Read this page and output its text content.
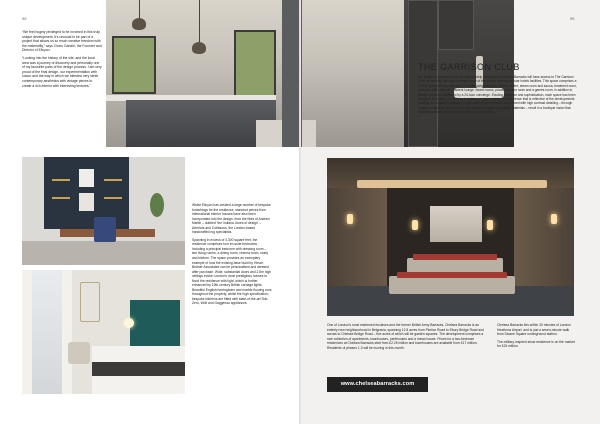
96

“We feel hugely privileged to be involved in this truly unique development, it’s unusual to be part of a project that allows us so much creative freedom with the materiality,” says Charu Gandhi, the Founder and Director of Elicyon.

“Looking into the history of the site, and the local area was a journey of discovery and personally one of my favourite parts of the design process. I am very proud of the final design, our experimentation with colour and the way in which we blended very sleek contemporary aesthetics with vintage pieces to create a rich interior with interesting textures.”

Whilst Elicyon has created a large number of bespoke furnishings for the residence, standout pieces from international interior houses have also been incorporated into the design, from the likes of Andrew Martin – dubbed ‘the Indiana Jones of design’ – Arteriors and Cobbsons, the London-based handcrafted rug specialists.

Spanning in excess of 4,300 square feet, the residence comprises four en-suite bedrooms - including a principal bedroom with dressing room – two living rooms, a dining room, cinema room, study and kitchen. The space provides an exemplary example of how the existing base build by Hirsch Bedner Associates can be personalised and dressed after purchase. Wide, substantial doors and 2.8m high ceilings evoke London’s most prestigious houses to flood the residence with light, which is further enhanced by 19th-century British carriage lights. Beautiful English herringbone and marble flooring runs throughout the property, whilst the high specification, bespoke kitchens are fitted with state-of-the-art Sub-Zero, Wolf and Gaggenau appliances.

95
THE GARRISON CLUB
Not limited to superior levels of craftsmanship, residents at Chelsea Barracks will have access to The Garrison Club: an amenity offering that rivals those of the world’s leading five-star hotels facilities. This space comprises a 12,700 square foot private spa, 20 metre swimming pool, fitness centre, steam room and sauna, treatment room, business suite, cinema, resident lounge, board rooms, private function room and a games room, in addition to lifestyle services, facilitated by a 24-hour concierge. Exuding elegance and sophistication, each space has been designed by a team of creatives to deliver a unique residential experience that is reflective of the developments prestige and signature status. A combination of serene materiality mixed with high contrast detailing – through sculptural layering, bold use of a bold statement pieces and tactile materials – result in a boutique vision that delicately weaves into the fabric of the overall scheme.
One of London’s most esteemed enclaves and the former British Army Barracks, Chelsea Barracks is an entirely new neighbourhood in Belgravia, spanning 12.8 acres from Pimlico Road to Ebury Bridge Road and across to Chelsea Bridge Road – five acres of which will be garden squares. The development comprises a rare collection of apartments, townhouses, penthouses and a mews house. Prices for a two-bedroom residences at Chelsea Barracks start from £2.25 million and townhouses are available from £17 million. Residents of phases 1-3 will be moving in this month.

Chelsea Barracks lies within 30 minutes of London Heathrow Airport, and is just a seven-minute walk from Sloane Square underground station.

The military-inspired show residence is on the market for £24 million.

www.chelseabarracks.com
